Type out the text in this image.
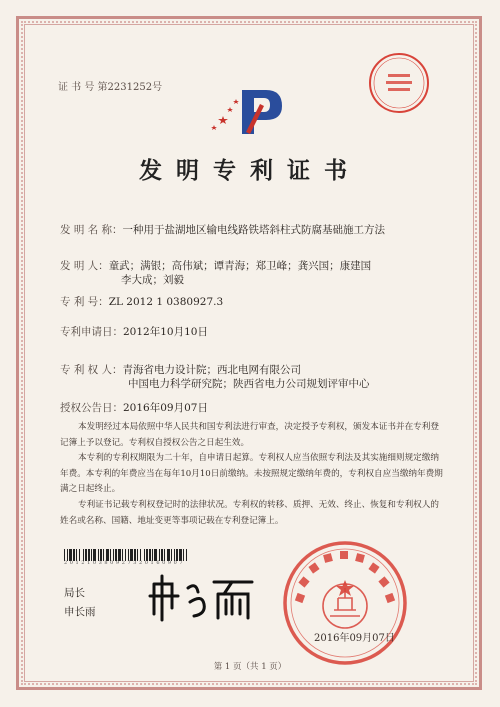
证 书 号 第2231252号
发明专利证书
发 明 名 称：一种用于盐湖地区输电线路铁塔斜柱式防腐基础施工方法
发 明 人：童武；满银；高伟斌；谭青海；郑卫峰；龚兴国；康建国
李大成；刘毅
专 利 号：ZL 2012 1 0380927.3
专利申请日：2012年10月10日
专 利 权 人：青海省电力设计院；西北电网有限公司
中国电力科学研究院；陕西省电力公司规划评审中心
授权公告日：2016年09月07日

本发明经过本局依照中华人民共和国专利法进行审查，决定授予专利权，颁发本证书并在专利登记簿上予以登记。专利权自授权公告之日起生效。

本专利的专利权期限为二十年，自申请日起算。专利权人应当依照专利法及其实施细则规定缴纳年费。本专利的年费应当在每年10月10日前缴纳。未按照规定缴纳年费的，专利权自应当缴纳年费期满之日起终止。

专利证书记载专利权登记时的法律状况。专利权的转移、质押、无效、终止、恢复和专利权人的姓名或名称、国籍、地址变更等事项记载在专利登记簿上。

2 0 1 2 1 0 3 8 0 9 2 7 3 2 0 1 6 0 9 0 7
局长
申长雨
2016年09月07日
第 1 页（共 1 页）
